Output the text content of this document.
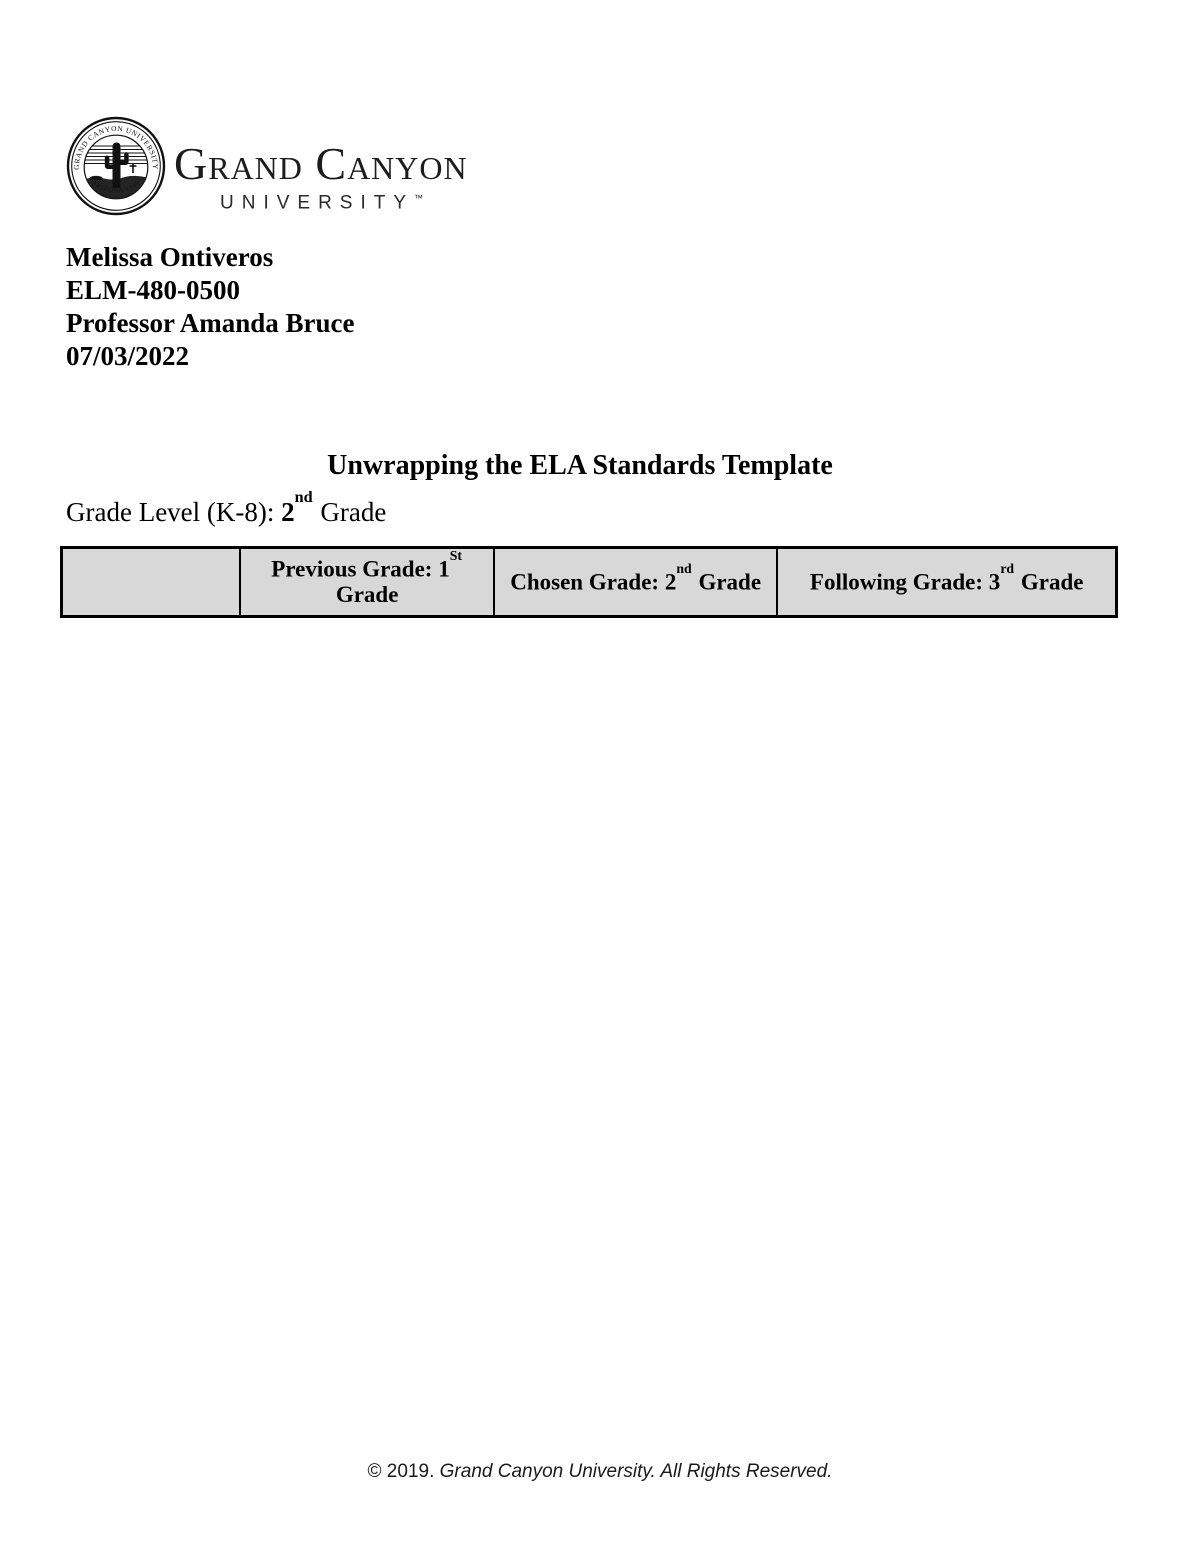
GRAND CANYON UNIVERSITY Grand Canyon
UNIVERSITY™
Melissa Ontiveros
ELM-480-0500
Professor Amanda Bruce
07/03/2022
Unwrapping the ELA Standards Template
Grade Level (K-8): 2nd Grade
	Previous Grade: 1St Grade	Chosen Grade: 2nd Grade	Following Grade: 3rd Grade
© 2019. Grand Canyon University. All Rights Reserved.
